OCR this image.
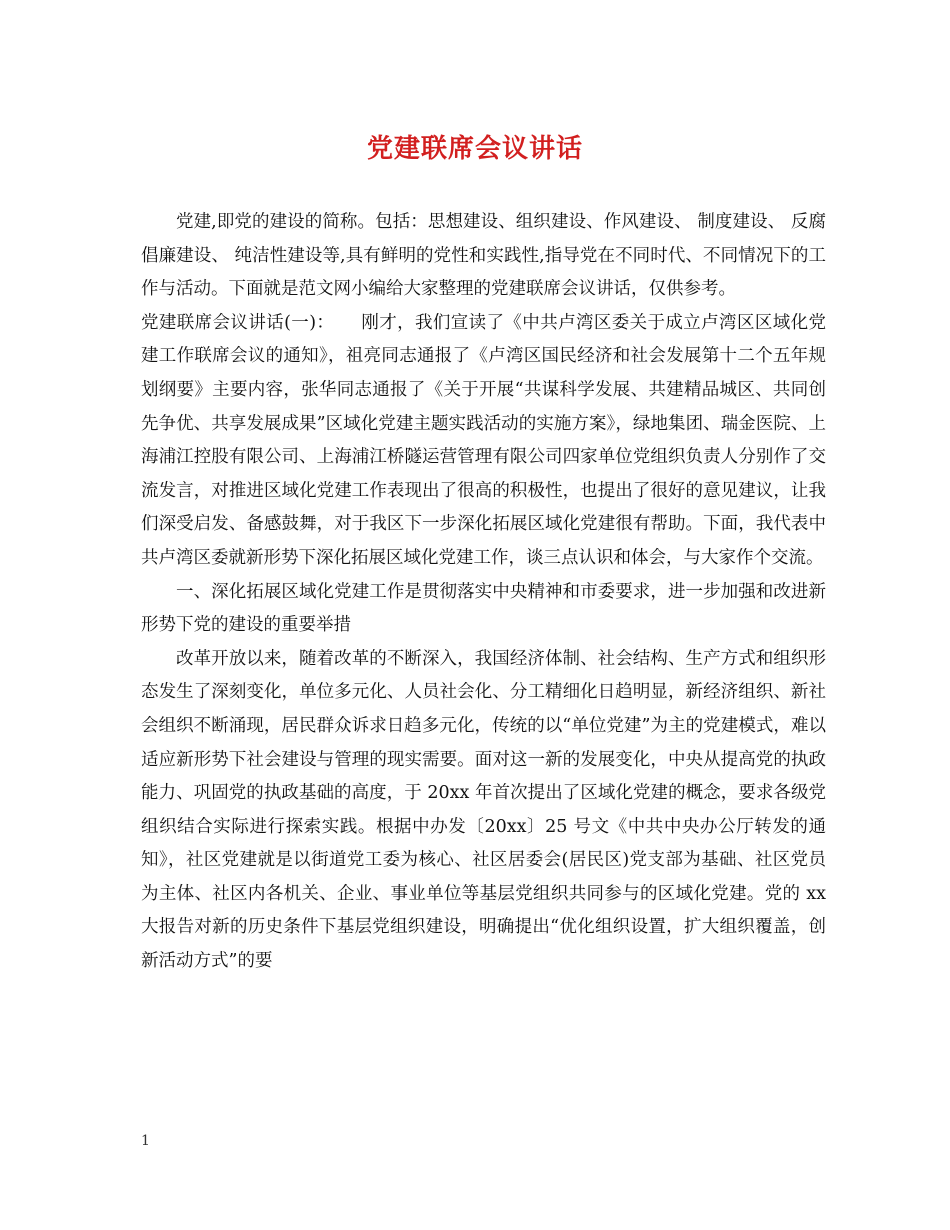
党建联席会议讲话

党建,即党的建设的简称。包括：思想建设、组织建设、作风建设、 制度建设、 反腐倡廉建设、 纯洁性建设等,具有鲜明的党性和实践性,指导党在不同时代、不同情况下的工作与活动。下面就是范文网小编给大家整理的党建联席会议讲话，仅供参考。

党建联席会议讲话(一)：　　刚才，我们宣读了《中共卢湾区委关于成立卢湾区区域化党建工作联席会议的通知》，祖亮同志通报了《卢湾区国民经济和社会发展第十二个五年规划纲要》主要内容，张华同志通报了《关于开展“共谋科学发展、共建精品城区、共同创先争优、共享发展成果”区域化党建主题实践活动的实施方案》，绿地集团、瑞金医院、上海浦江控股有限公司、上海浦江桥隧运营管理有限公司四家单位党组织负责人分别作了交流发言，对推进区域化党建工作表现出了很高的积极性，也提出了很好的意见建议，让我们深受启发、备感鼓舞，对于我区下一步深化拓展区域化党建很有帮助。下面，我代表中共卢湾区委就新形势下深化拓展区域化党建工作，谈三点认识和体会，与大家作个交流。

一、深化拓展区域化党建工作是贯彻落实中央精神和市委要求，进一步加强和改进新形势下党的建设的重要举措

改革开放以来，随着改革的不断深入，我国经济体制、社会结构、生产方式和组织形态发生了深刻变化，单位多元化、人员社会化、分工精细化日趋明显，新经济组织、新社会组织不断涌现，居民群众诉求日趋多元化，传统的以“单位党建”为主的党建模式，难以适应新形势下社会建设与管理的现实需要。面对这一新的发展变化，中央从提高党的执政能力、巩固党的执政基础的高度，于 20xx 年首次提出了区域化党建的概念，要求各级党组织结合实际进行探索实践。根据中办发〔20xx〕25 号文《中共中央办公厅转发的通知》，社区党建就是以街道党工委为核心、社区居委会(居民区)党支部为基础、社区党员为主体、社区内各机关、企业、事业单位等基层党组织共同参与的区域化党建。党的 xx 大报告对新的历史条件下基层党组织建设，明确提出“优化组织设置，扩大组织覆盖，创新活动方式”的要

1
